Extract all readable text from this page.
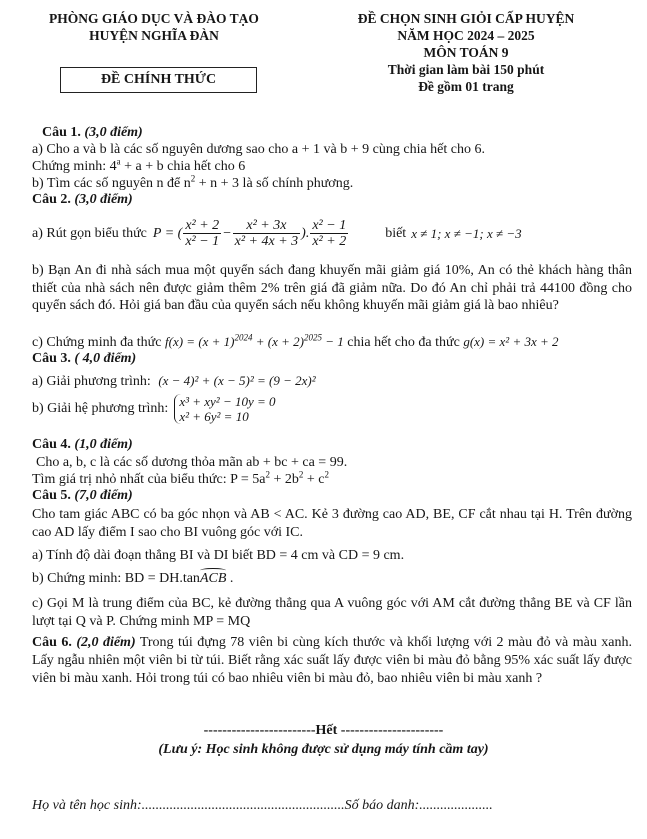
PHÒNG GIÁO DỤC VÀ ĐÀO TẠO
HUYỆN NGHĨA ĐÀN
ĐỀ CHÍNH THỨC
ĐỀ CHỌN SINH GIỎI CẤP HUYỆN
NĂM HỌC 2024 – 2025
MÔN TOÁN 9
Thời gian làm bài 150 phút
Đề gồm 01 trang
Câu 1. (3,0 điểm)
a) Cho a và b là các số nguyên dương sao cho a + 1 và b + 9 cùng chia hết cho 6.
Chứng minh: $4^a + a + b$ chia hết cho 6
b) Tìm các số nguyên n để $n^2 + n + 3$ là số chính phương.
Câu 2. (3,0 điểm)
a) Rút gọn biểu thức P = ( $\frac{\text{x² + 2}}{\text{x² − 1}} - \frac{\text{x² + 3x}}{\text{x² + 4x + 3}}$ ). $\frac{\text{x² − 1}}{\text{x² + 2}}$	biết x ≠ 1; x ≠ −1; x ≠ −3
b) Bạn An đi nhà sách mua một quyển sách đang khuyến mãi giảm giá 10%, An có thẻ khách hàng thân thiết của nhà sách nên được giảm thêm 2% trên giá đã giảm nữa. Do đó An chỉ phải trả 44100 đồng cho quyển sách đó. Hỏi giá ban đầu của quyển sách nếu không khuyến mãi giảm giá là bao nhiêu?
c) Chứng minh đa thức $f(x) = (x + 1)^{2024} + (x + 2)^{2025} - 1$ chia hết cho đa thức g(x) = x² + 3x + 2
Câu 3. ( 4,0 điểm)
a) Giải phương trình: (x − 4)² + (x − 5)² = (9 − 2x)²
b) Giải hệ phương trình: x³ + xy² − 10y = 0
x² + 6y² = 10
Câu 4. (1,0 điểm)
Cho a, b, c là các số dương thỏa mãn ab + bc + ca = 99.
Tìm giá trị nhỏ nhất của biểu thức: $P = 5a^2 + 2b^2 + c^2$
Câu 5. (7,0 điểm)
Cho tam giác ABC có ba góc nhọn và AB < AC. Kẻ 3 đường cao AD, BE, CF cắt nhau tại H. Trên đường cao AD lấy điểm I sao cho BI vuông góc với IC.
a) Tính độ dài đoạn thẳng BI và DI biết BD = 4 cm và CD = 9 cm.
b) Chứng minh: BD = DH.tan
ACB .
c) Gọi M là trung điểm của BC, kẻ đường thẳng qua A vuông góc với AM cắt đường thẳng BE và CF lần lượt tại Q và P. Chứng minh MP = MQ
Câu 6. (2,0 điểm) Trong túi đựng 78 viên bi cùng kích thước và khối lượng với 2 màu đỏ và màu xanh. Lấy ngẫu nhiên một viên bi từ túi. Biết rằng xác suất lấy được viên bi màu đỏ bằng 95% xác suất lấy được viên bi màu xanh. Hỏi trong túi có bao nhiêu viên bi màu đỏ, bao nhiêu viên bi màu xanh ?
------------------------Hết ----------------------
(Lưu ý: Học sinh không được sử dụng máy tính cầm tay)
Họ và tên học sinh:..........................................................Số báo danh:.....................
